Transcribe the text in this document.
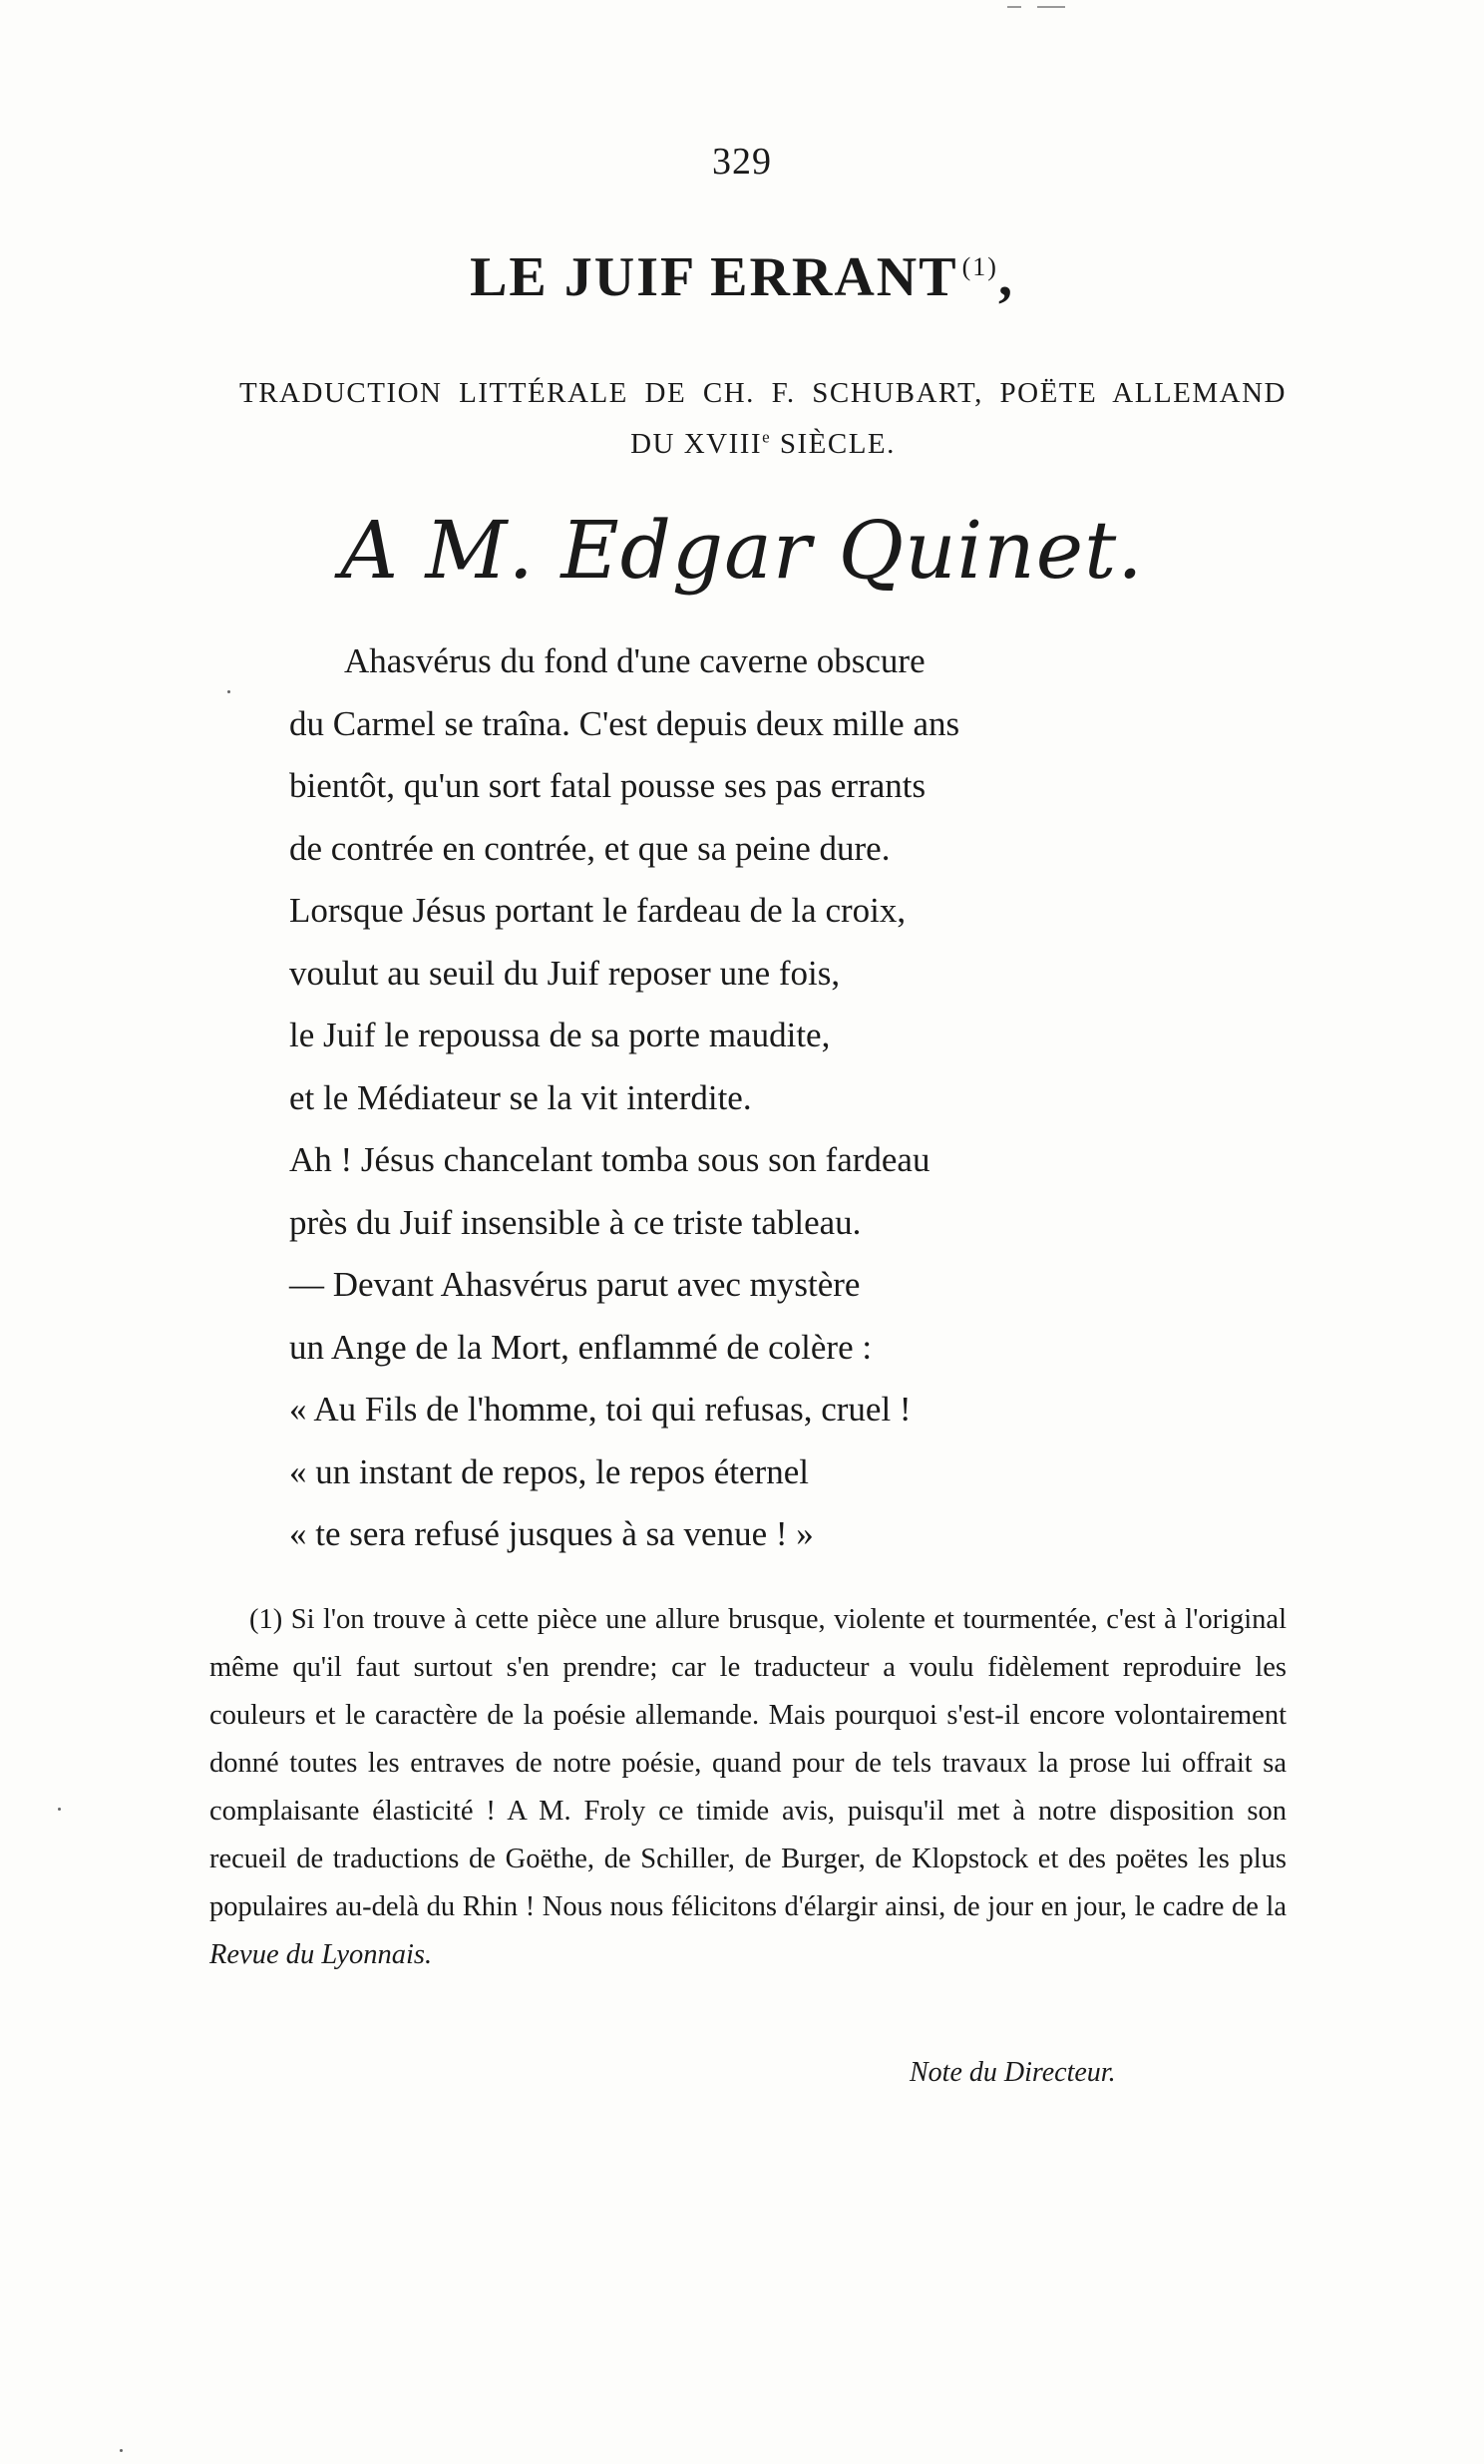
329
LE JUIF ERRANT $^{(1)}$,
TRADUCTION LITTÉRALE DE CH. F. SCHUBART, POËTE ALLEMAND
DU XVIIIe SIÈCLE.
A M. Edgar Quinet.
Ahasvérus du fond d'une caverne obscure
du Carmel se traîna. C'est depuis deux mille ans
bientôt, qu'un sort fatal pousse ses pas errants
de contrée en contrée, et que sa peine dure.
Lorsque Jésus portant le fardeau de la croix,
voulut au seuil du Juif reposer une fois,
le Juif le repoussa de sa porte maudite,
et le Médiateur se la vit interdite.
Ah ! Jésus chancelant tomba sous son fardeau
près du Juif insensible à ce triste tableau.
— Devant Ahasvérus parut avec mystère
un Ange de la Mort, enflammé de colère :
« Au Fils de l'homme, toi qui refusas, cruel !
« un instant de repos, le repos éternel
« te sera refusé jusques à sa venue ! »
(1) Si l'on trouve à cette pièce une allure brusque, violente et tourmentée, c'est à l'original même qu'il faut surtout s'en prendre; car le traducteur a voulu fidèlement reproduire les couleurs et le caractère de la poésie allemande. Mais pourquoi s'est-il encore volontairement donné toutes les entraves de notre poésie, quand pour de tels travaux la prose lui offrait sa complaisante élasticité ! A M. Froly ce timide avis, puisqu'il met à notre disposition son recueil de traductions de Goëthe, de Schiller, de Burger, de Klopstock et des poëtes les plus populaires au-delà du Rhin ! Nous nous félicitons d'élargir ainsi, de jour en jour, le cadre de la Revue du Lyonnais.
Note du Directeur.
